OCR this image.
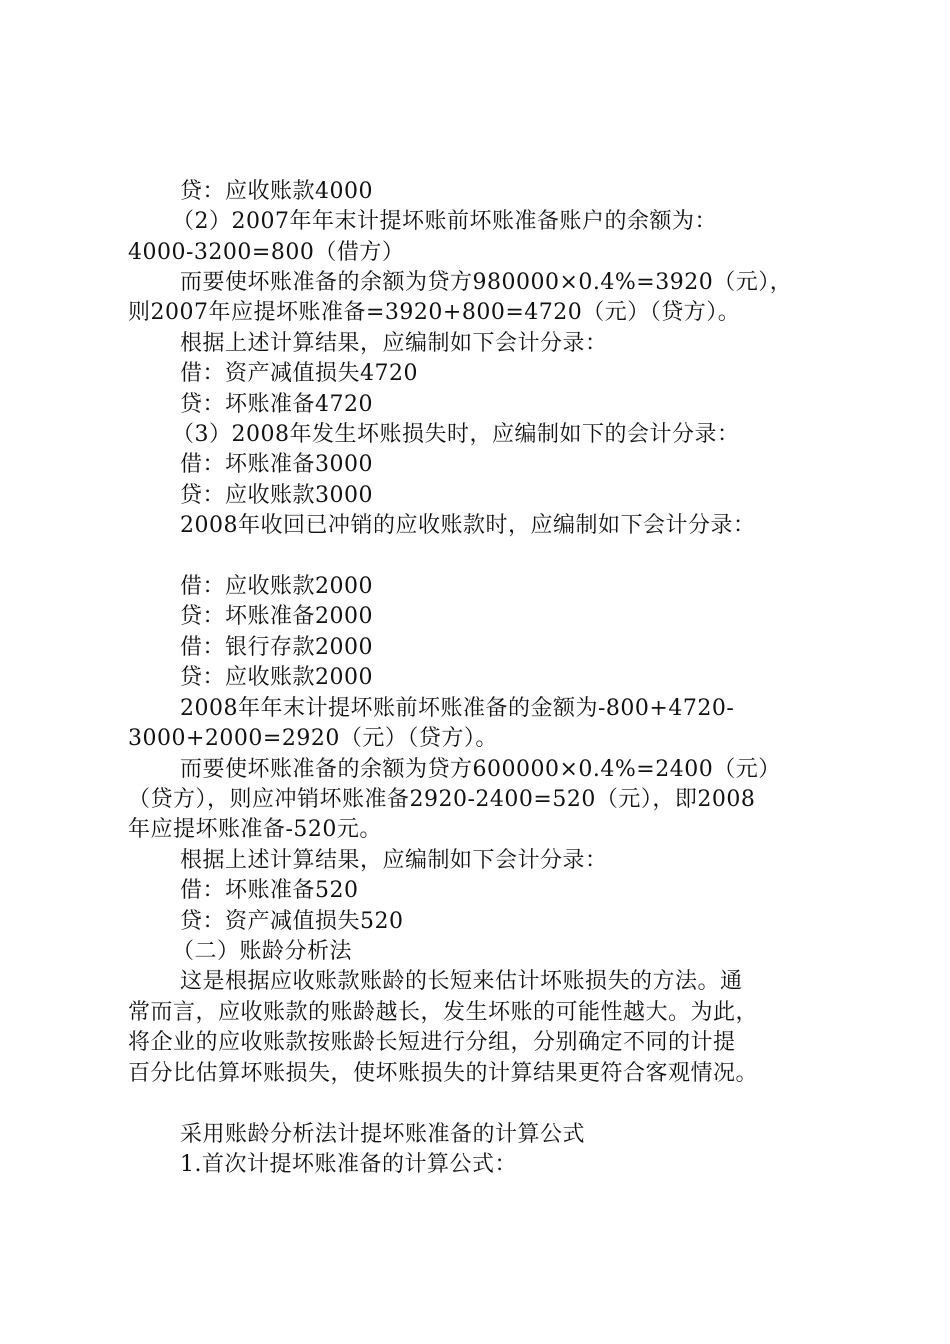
贷：应收账款4000
（2）2007年年末计提坏账前坏账准备账户的余额为：
4000-3200=800（借方）
而要使坏账准备的余额为贷方980000×0.4%=3920（元），
则2007年应提坏账准备=3920+800=4720（元）（贷方）。
根据上述计算结果，应编制如下会计分录：
借：资产减值损失4720
贷：坏账准备4720
（3）2008年发生坏账损失时，应编制如下的会计分录：
借：坏账准备3000
贷：应收账款3000
2008年收回已冲销的应收账款时，应编制如下会计分录：
借：应收账款2000
贷：坏账准备2000
借：银行存款2000
贷：应收账款2000
2008年年末计提坏账前坏账准备的金额为-800+4720-
3000+2000=2920（元）（贷方）。
而要使坏账准备的余额为贷方600000×0.4%=2400（元）
（贷方），则应冲销坏账准备2920-2400=520（元），即2008
年应提坏账准备-520元。
根据上述计算结果，应编制如下会计分录：
借：坏账准备520
贷：资产减值损失520
（二）账龄分析法
这是根据应收账款账龄的长短来估计坏账损失的方法。通
常而言，应收账款的账龄越长，发生坏账的可能性越大。为此，
将企业的应收账款按账龄长短进行分组，分别确定不同的计提
百分比估算坏账损失，使坏账损失的计算结果更符合客观情况。
采用账龄分析法计提坏账准备的计算公式
1.首次计提坏账准备的计算公式：
